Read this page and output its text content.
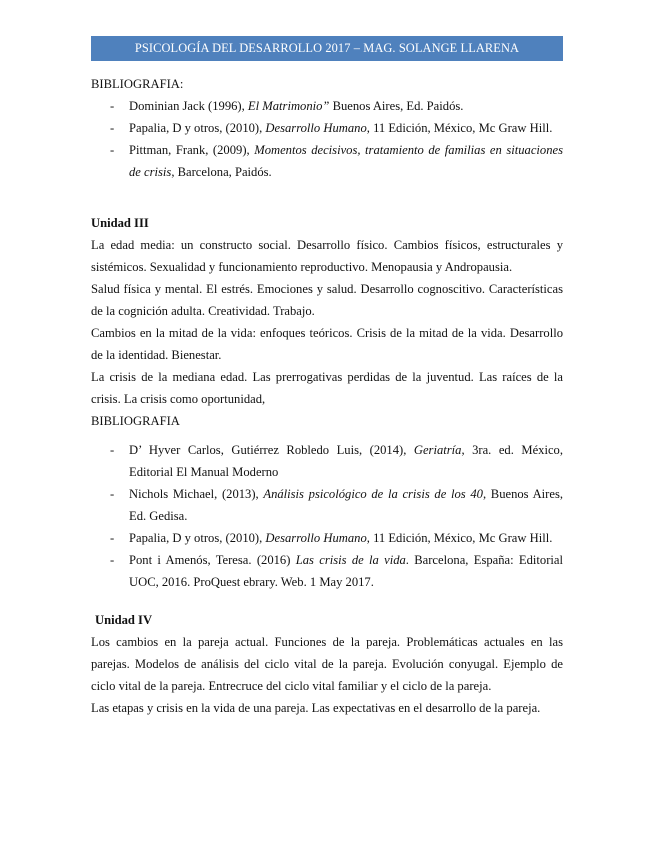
PSICOLOGÍA DEL DESARROLLO 2017 – MAG. SOLANGE LLARENA

BIBLIOGRAFIA:

- Dominian Jack (1996), El Matrimonio” Buenos Aires, Ed. Paidós.
- Papalia, D y otros, (2010), Desarrollo Humano, 11 Edición, México, Mc Graw Hill.
- Pittman, Frank, (2009), Momentos decisivos, tratamiento de familias en situaciones de crisis, Barcelona, Paidós.

Unidad III

La edad media: un constructo social. Desarrollo físico. Cambios físicos, estructurales y sistémicos. Sexualidad y funcionamiento reproductivo. Menopausia y Andropausia.

Salud física y mental. El estrés. Emociones y salud. Desarrollo cognoscitivo. Características de la cognición adulta. Creatividad. Trabajo.

Cambios en la mitad de la vida: enfoques teóricos. Crisis de la mitad de la vida. Desarrollo de la identidad. Bienestar.

La crisis de la mediana edad. Las prerrogativas perdidas de la juventud. Las raíces de la crisis. La crisis como oportunidad,

BIBLIOGRAFIA

- D’ Hyver Carlos, Gutiérrez Robledo Luis, (2014), Geriatría, 3ra. ed. México, Editorial El Manual Moderno
- Nichols Michael, (2013), Análisis psicológico de la crisis de los 40, Buenos Aires, Ed. Gedisa.
- Papalia, D y otros, (2010), Desarrollo Humano, 11 Edición, México, Mc Graw Hill.
- Pont i Amenós, Teresa. (2016) Las crisis de la vida. Barcelona, España: Editorial UOC, 2016. ProQuest ebrary. Web. 1 May 2017.

Unidad IV

Los cambios en la pareja actual. Funciones de la pareja. Problemáticas actuales en las parejas. Modelos de análisis del ciclo vital de la pareja. Evolución conyugal. Ejemplo de ciclo vital de la pareja. Entrecruce del ciclo vital familiar y el ciclo de la pareja.

Las etapas y crisis en la vida de una pareja. Las expectativas en el desarrollo de la pareja.
